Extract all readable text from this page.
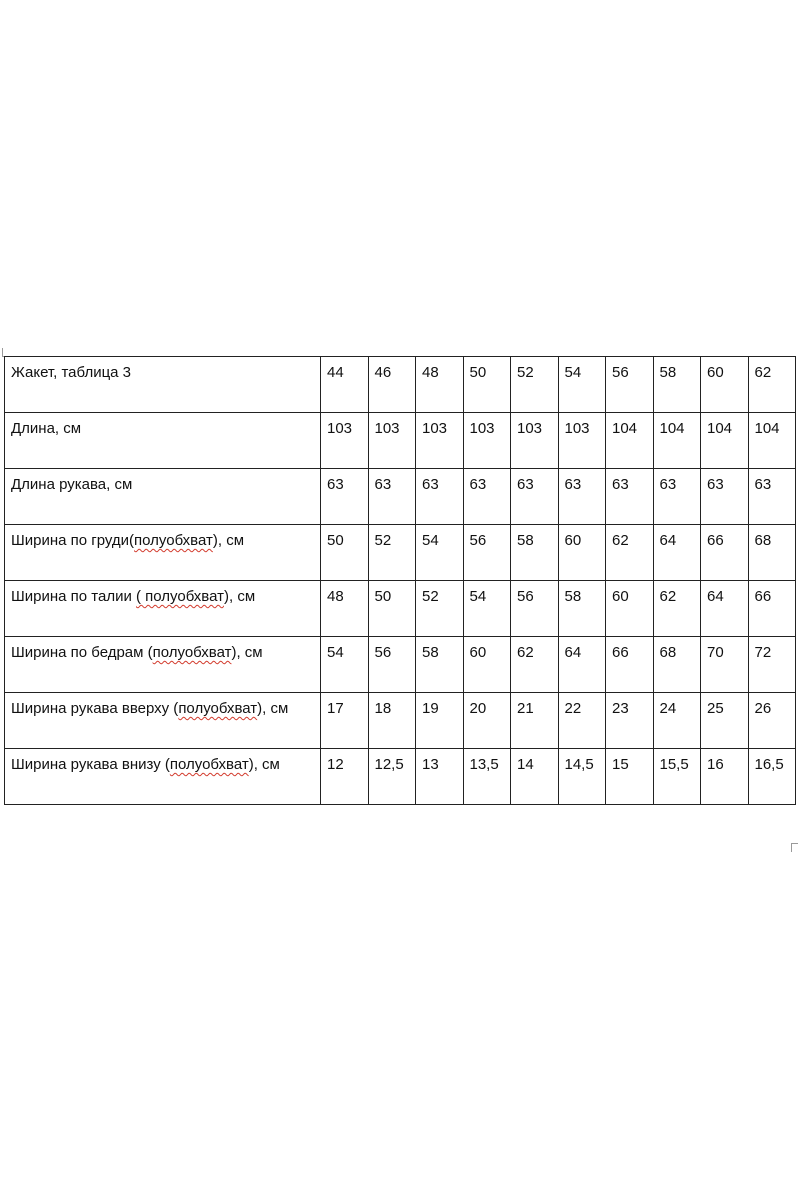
Жакет, таблица 3	44	46	48	50	52	54	56	58	60	62
Длина, см	103	103	103	103	103	103	104	104	104	104
Длина рукава, см	63	63	63	63	63	63	63	63	63	63
Ширина по груди(полуобхват), см	50	52	54	56	58	60	62	64	66	68
Ширина по талии ( полуобхват), см	48	50	52	54	56	58	60	62	64	66
Ширина по бедрам (полуобхват), см	54	56	58	60	62	64	66	68	70	72
Ширина рукава вверху (полуобхват), см	17	18	19	20	21	22	23	24	25	26
Ширина рукава внизу (полуобхват), см	12	12,5	13	13,5	14	14,5	15	15,5	16	16,5
